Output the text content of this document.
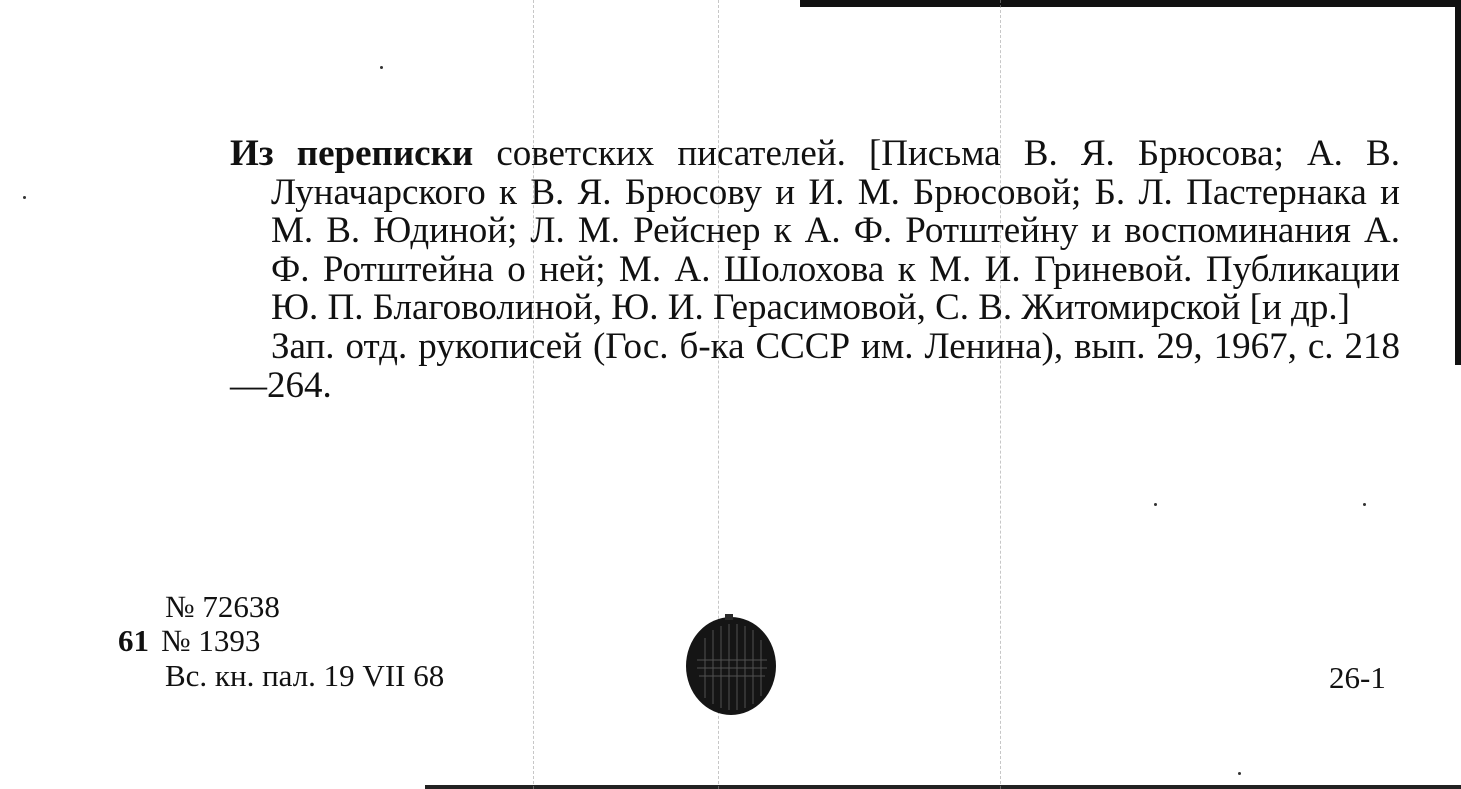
Из переписки советских писателей. [Письма В. Я. Брюсова; А. В. Луначарского к В. Я. Брюсову и И. М. Брюсовой; Б. Л. Пастернака и М. В. Юдиной; Л. М. Рейснер к А. Ф. Ротштейну и воспоминания А. Ф. Ротштейна о ней; М. А. Шолохова к М. И. Гриневой. Публикации Ю. П. Благоволиной, Ю. И. Герасимовой, С. В. Житомирской [и др.]

Зап. отд. рукописей (Гос. б-ка СССР им. Ленина), вып. 29, 1967, с. 218—264.

№ 72638
61 № 1393
Вс. кн. пал. 19 VII 68	26-1
